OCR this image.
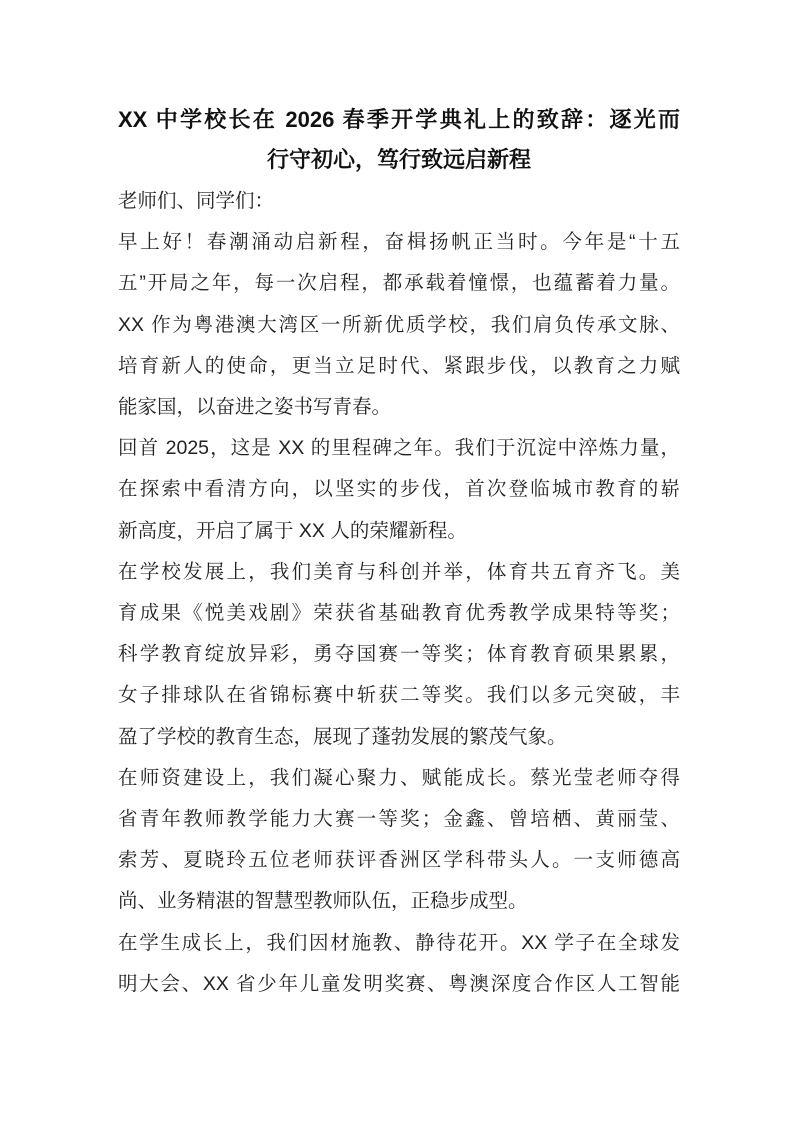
XX 中学校长在 2026 春季开学典礼上的致辞：逐光而
行守初心，笃行致远启新程
老师们、同学们：
早上好！春潮涌动启新程，奋楫扬帆正当时。今年是“十五
五”开局之年，每一次启程，都承载着憧憬，也蕴蓄着力量。
XX 作为粤港澳大湾区一所新优质学校，我们肩负传承文脉、
培育新人的使命，更当立足时代、紧跟步伐，以教育之力赋
能家国，以奋进之姿书写青春。
回首 2025，这是 XX 的里程碑之年。我们于沉淀中淬炼力量，
在探索中看清方向，以坚实的步伐，首次登临城市教育的崭
新高度，开启了属于 XX 人的荣耀新程。
在学校发展上，我们美育与科创并举，体育共五育齐飞。美
育成果《悦美戏剧》荣获省基础教育优秀教学成果特等奖；
科学教育绽放异彩，勇夺国赛一等奖；体育教育硕果累累，
女子排球队在省锦标赛中斩获二等奖。我们以多元突破，丰
盈了学校的教育生态，展现了蓬勃发展的繁茂气象。
在师资建设上，我们凝心聚力、赋能成长。蔡光莹老师夺得
省青年教师教学能力大赛一等奖；金鑫、曾培栖、黄丽莹、
索芳、夏晓玲五位老师获评香洲区学科带头人。一支师德高
尚、业务精湛的智慧型教师队伍，正稳步成型。
在学生成长上，我们因材施教、静待花开。XX 学子在全球发
明大会、XX 省少年儿童发明奖赛、粤澳深度合作区人工智能
